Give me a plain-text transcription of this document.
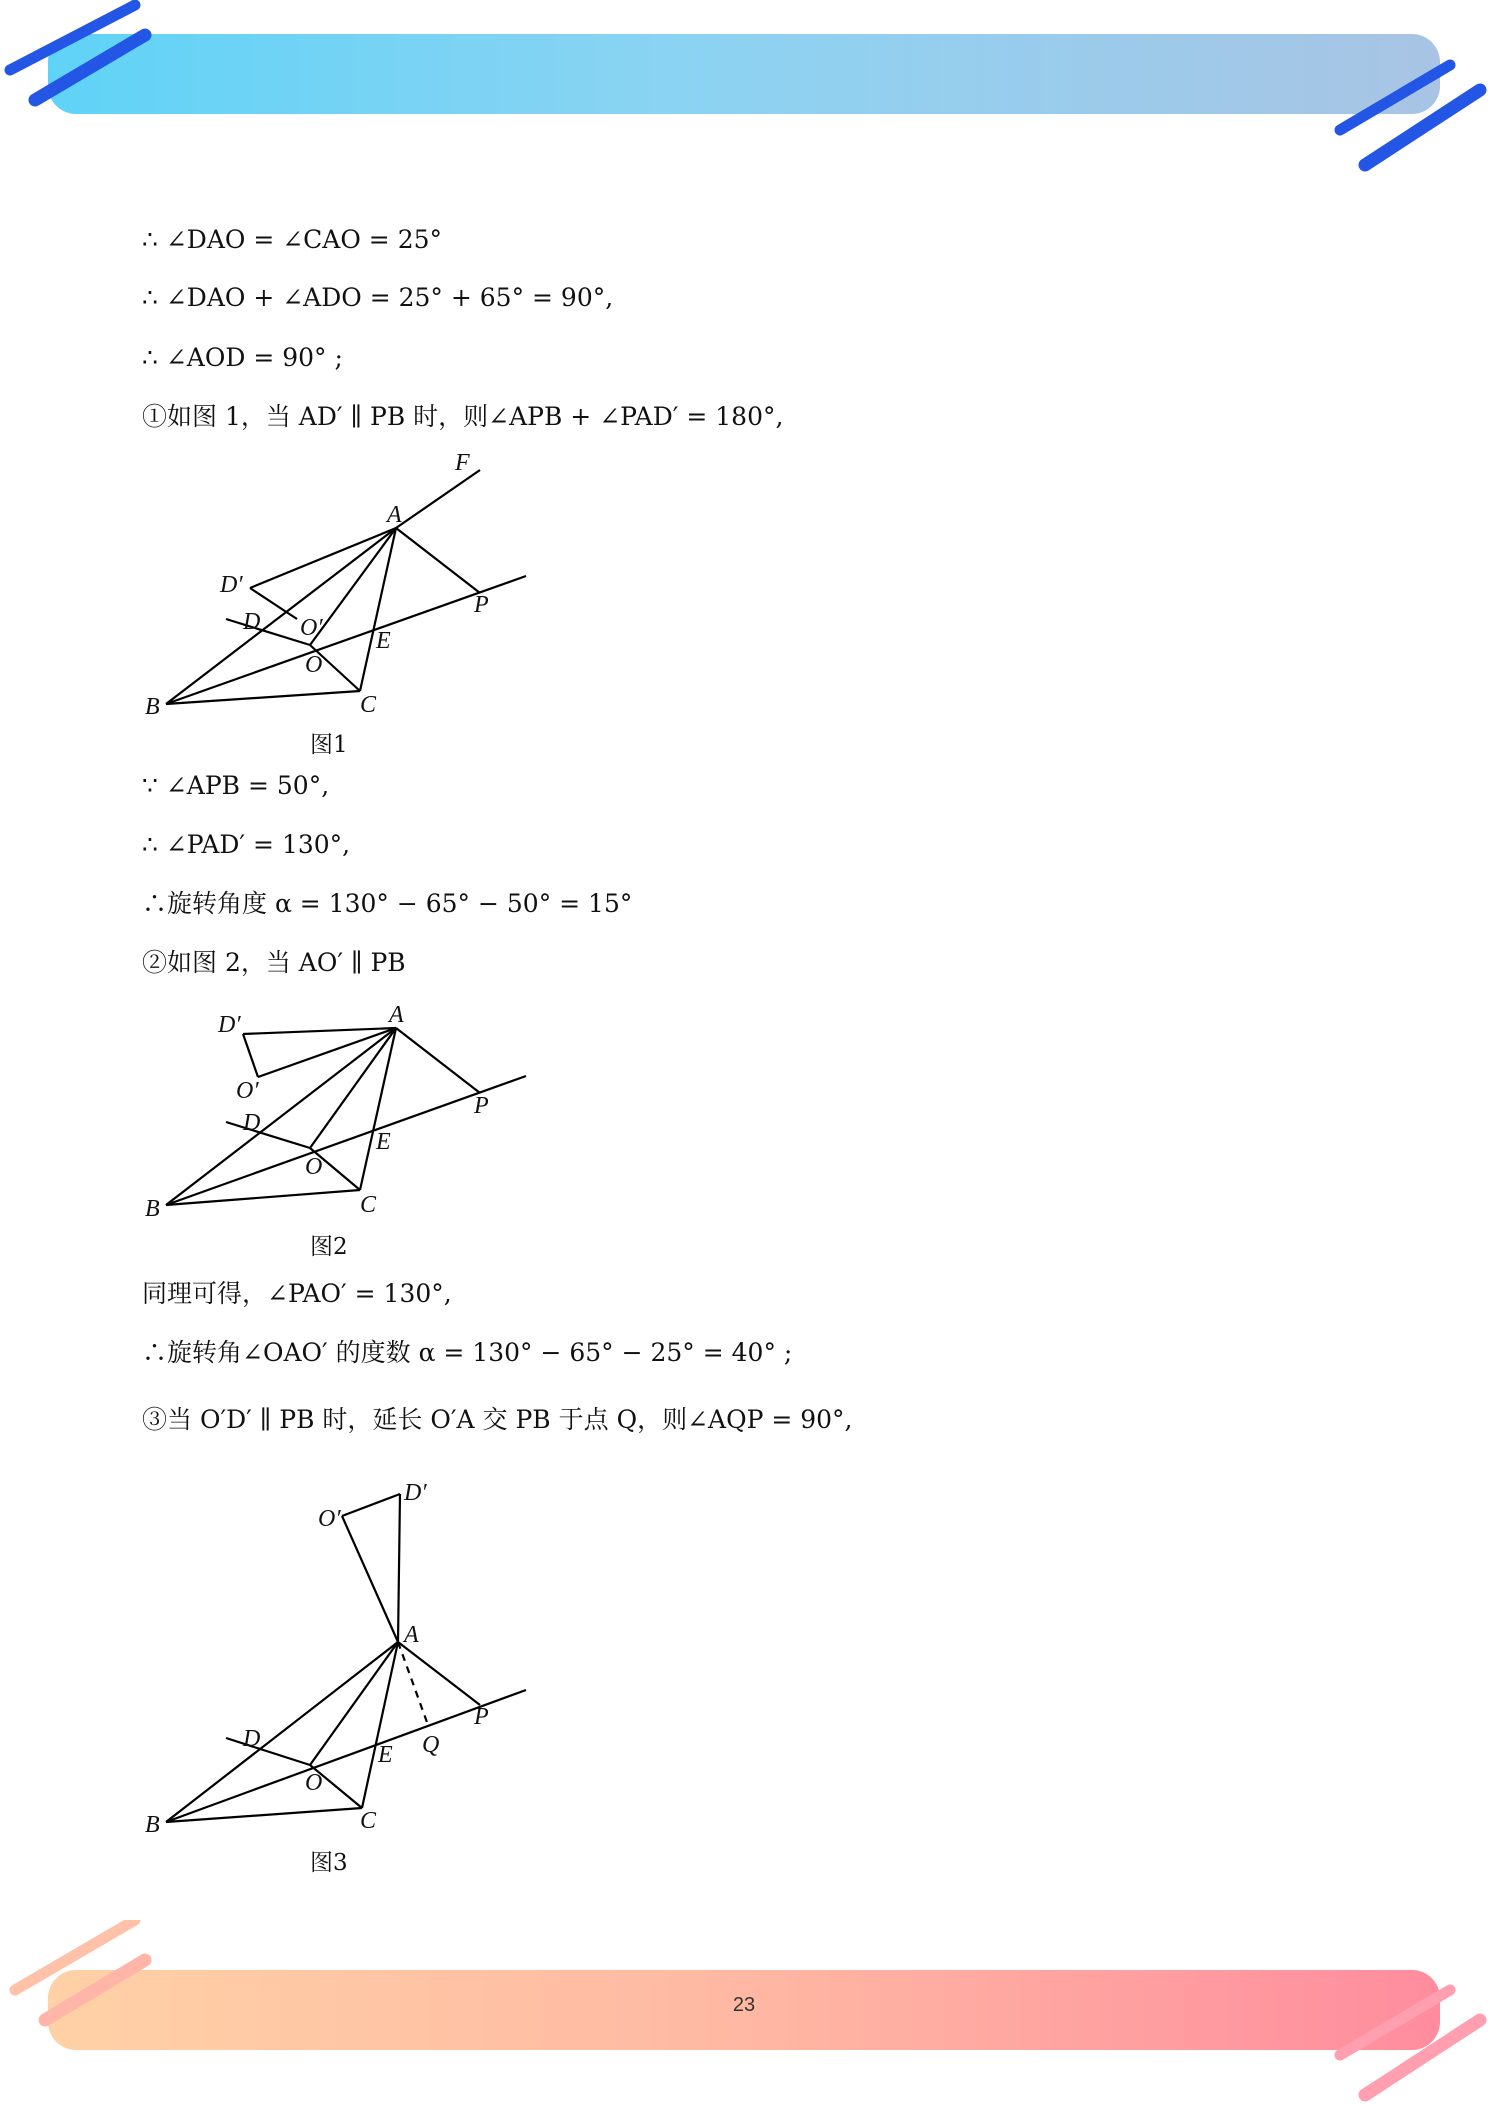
∴ ∠DAO = ∠CAO = 25°
∴ ∠DAO + ∠ADO = 25° + 65° = 90°,
∴ ∠AOD = 90° ;
①如图 1，当 AD′ ∥ PB 时，则∠APB + ∠PAD′ = 180°,
F
A
D′
D O′
P
E
O
B	C
图1
∵ ∠APB = 50°,
∴ ∠PAD′ = 130°,
∴旋转角度 α = 130° − 65° − 50° = 15°
②如图 2，当 AO′ ∥ PB
D′	A
O′
D
P
E
O
B	C
图2
同理可得，∠PAO′ = 130°,
∴旋转角∠OAO′ 的度数 α = 130° − 65° − 25° = 40° ;
③当 O′D′ ∥ PB 时，延长 O′A 交 PB 于点 Q，则∠AQP = 90°,
O′
D′
A
D
P
Q
E
O
B	C
图3
23
